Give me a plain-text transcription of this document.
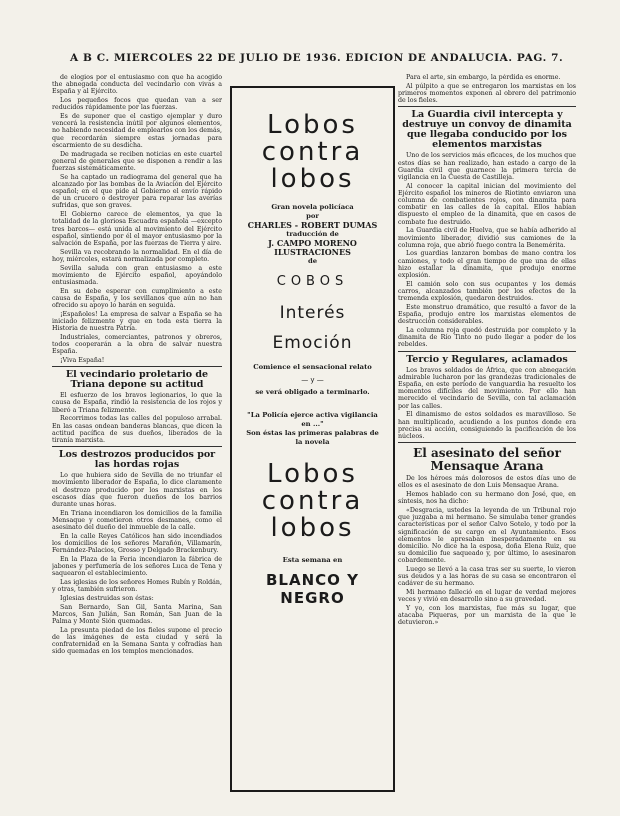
A B C. MIERCOLES 22 DE JULIO DE 1936. EDICION DE ANDALUCIA. PAG. 7.

de elogios por el entusiasmo con que ha acogido the abnegada conducta del vecindario con vivas a España y al Ejército.

Los pequeños focos que quedan van a ser reducidos rápidamente por las fuerzas.

Es de suponer que el castigo ejemplar y duro vencerá la resistencia inútil por algunos elementos, no habiendo necesidad de emplearlos con los demás, que recordarán siempre estas jornadas para escarmiento de su desdicha.

De madrugada se reciben noticias en este cuartel general de generales que se disponen a rendir a las fuerzas sistemáticamente.

Se ha captado un radiograma del general que ha alcanzado por las bombas de la Aviación del Ejército español; en el que pide al Gobierno el envío rápido de un crucero o destroyer para reparar las averías sufridas, que son graves.

El Gobierno carece de elementos, ya que la totalidad de la gloriosa Escuadra española —excepto tres barcos— está unida al movimiento del Ejército español, sintiendo por él el mayor entusiasmo por la salvación de España, por las fuerzas de Tierra y aire.

Sevilla va recobrando la normalidad. En el día de hoy, miércoles, estará normalizada por completo.

Sevilla saluda con gran entusiasmo a este movimiento de Ejército español, apoyándolo entusiasmada.

En su debe esperar con cumplimiento a este causa de España, y los sevillanos que aún no han ofrecido su apoyo lo harán en seguida.

¡Españoles! La empresa de salvar a España se ha iniciado felizmente y que en toda esta tierra la Historia de nuestra Patria.

Industriales, comerciantes, patronos y obreros, todos cooperarán a la obra de salvar nuestra España.

¡Viva España!

El vecindario proletario de Triana depone su actitud

El esfuerzo de los bravos legionarios, lo que la causa de España, rindió la resistencia de los rojos y liberó a Triana felizmente.

Recorrimos todas las calles del populoso arrabal. En las casas ondean banderas blancas, que dicen la actitud pacífica de sus dueños, liberados de la tiranía marxista.

Los destrozos producidos por las hordas rojas

Lo que hubiera sido de Sevilla de no triunfar el movimiento liberador de España, lo dice claramente el destrozo producido por los marxistas en los escasos días que fueron dueños de los barrios durante unas horas.

En Triana incendiaron los domicilios de la familia Mensaque y cometieron otros desmanes, como el asesinato del dueño del inmueble de la calle.

En la calle Reyes Católicos han sido incendiados los domicilios de los señores Marañón, Villamarín, Fernández-Palacios, Grosso y Delgado Brackenbury.

En la Plaza de la Feria incendiaron la fábrica de jabones y perfumería de los señores Luca de Tena y saquearon el establecimiento.

Las iglesias de los señores Homes Rubín y Roldán, y otras, también sufrieron.

Iglesias destruidas son éstas:

San Bernardo, San Gil, Santa Marina, San Marcos, San Julián, San Román, San Juan de la Palma y Monte Sión quemadas.

La presunta piedad de los fieles supone el precio de las imágenes de esta ciudad y será la confraternidad en la Semana Santa y cofradías han sido quemadas en los templos mencionados.

Lobos
contra
lobos
Gran novela policíaca
por
CHARLES - ROBERT DUMAS
traducción de
J. CAMPO MORENO
ILUSTRACIONES
de
COBOS
Interés
Emoción
Comience el sensacional relato
— y —
se verá obligado a terminarlo.
"La Policía ejerce activa vigilancia en ..."
Son éstas las primeras palabras de la novela
Lobos
contra
lobos
Esta semana en
BLANCO Y NEGRO

Para el arte, sin embargo, la pérdida es enorme.

Al púlpito a que se entregaron los marxistas en los primeros momentos exponen al obrero del patrimonio de los fieles.

La Guardia civil intercepta y destruye un convoy de dinamita que llegaba conducido por los elementos marxistas

Uno de los servicios más eficaces, de los muchos que estos días se han realizado, han estado a cargo de la Guardia civil que guarnece la primera tercia de vigilancia en la Cuesta de Castilleja.

Al conocer la capital inician del movimiento del Ejército español los mineros de Riotinto enviaron una columna de combatientes rojos, con dinamita para combatir en las calles de la capital. Ellos habían dispuesto el empleo de la dinamita, que en casos de combate fue destruido.

La Guardia civil de Huelva, que se había adherido al movimiento liberador, dividió sus camiones de la columna roja, que abrió fuego contra la Benemérita.

Los guardias lanzaron bombas de mano contra los camiones, y todo el gran tiempo de que una de ellas hizo estallar la dinamita, que produjo enorme explosión.

El camión solo con sus ocupantes y los demás carros, alcanzados también por los efectos de la tremenda explosión, quedaron destruidos.

Este monstruo dramático, que resultó a favor de la España, produjo entre los marxistas elementos de destrucción considerables.

La columna roja quedó destruida por completo y la dinamita de Río Tinto no pudo llegar a poder de los rebeldes.

Tercio y Regulares, aclamados

Los bravos soldados de África, que con abnegación admirable lucharon por las grandezas tradicionales de España, en este período de vanguardia ha resuelto los momentos difíciles del movimiento. Por ello han merecido el vecindario de Sevilla, con tal aclamación por las calles.

El dinamismo de estos soldados es maravilloso. Se han multiplicado, acudiendo a los puntos donde era precisa su acción, consiguiendo la pacificación de los núcleos.

El asesinato del señor Mensaque Arana

De los héroes más dolorosos de estos días uno de ellos es el asesinato de don Luis Mensaque Arana.

Hemos hablado con su hermano don José, que, en síntesis, nos ha dicho:

«Desgracia, ustedes la leyenda de un Tribunal rojo que juzgaba a mi hermano. Se simulaba tener grandes características por el señor Calvo Sotelo, y todo por la significación de su cargo en el Ayuntamiento. Esos elementos le apresaban inesperadamente en su domicilio. No dice ha la esposa, doña Elena Ruiz, que su domicilio fue saqueado y, por último, lo asesinaron cobardemente.

Luego se llevó a la casa tras ser su suerte, lo vieron sus deudos y a las horas de su casa se encontraron el cadáver de su hermano.

Mi hermano falleció en el lugar de verdad mejores veces y vivió en desarrollo sino a su gravedad.

Y yo, con los marxistas, fue más su lugar, que atacaba Piqueras, por un marxista de la que le detuvieron.»
